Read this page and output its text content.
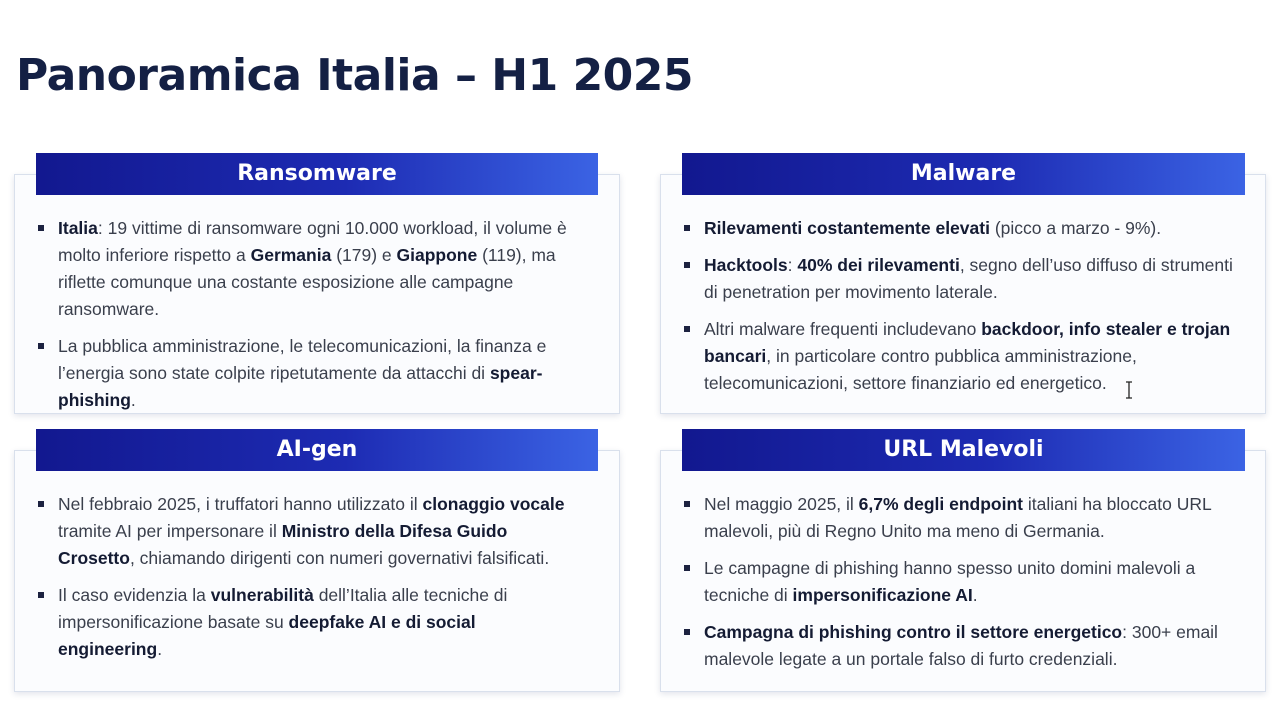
Panoramica Italia – H1 2025
Ransomware
Italia: 19 vittime di ransomware ogni 10.000 workload, il volume è molto inferiore rispetto a Germania (179) e Giappone (119), ma riflette comunque una costante esposizione alle campagne ransomware.
La pubblica amministrazione, le telecomunicazioni, la finanza e l’energia sono state colpite ripetutamente da attacchi di spear-phishing.
Malware
Rilevamenti costantemente elevati (picco a marzo - 9%).
Hacktools: 40% dei rilevamenti, segno dell’uso diffuso di strumenti di penetration per movimento laterale.
Altri malware frequenti includevano backdoor, info stealer e trojan bancari, in particolare contro pubblica amministrazione, telecomunicazioni, settore finanziario ed energetico.
AI-gen
Nel febbraio 2025, i truffatori hanno utilizzato il clonaggio vocale tramite AI per impersonare il Ministro della Difesa Guido Crosetto, chiamando dirigenti con numeri governativi falsificati.
Il caso evidenzia la vulnerabilità dell’Italia alle tecniche di impersonificazione basate su deepfake AI e di social engineering.
URL Malevoli
Nel maggio 2025, il 6,7% degli endpoint italiani ha bloccato URL malevoli, più di Regno Unito ma meno di Germania.
Le campagne di phishing hanno spesso unito domini malevoli a tecniche di impersonificazione AI.
Campagna di phishing contro il settore energetico: 300+ email malevole legate a un portale falso di furto credenziali.
